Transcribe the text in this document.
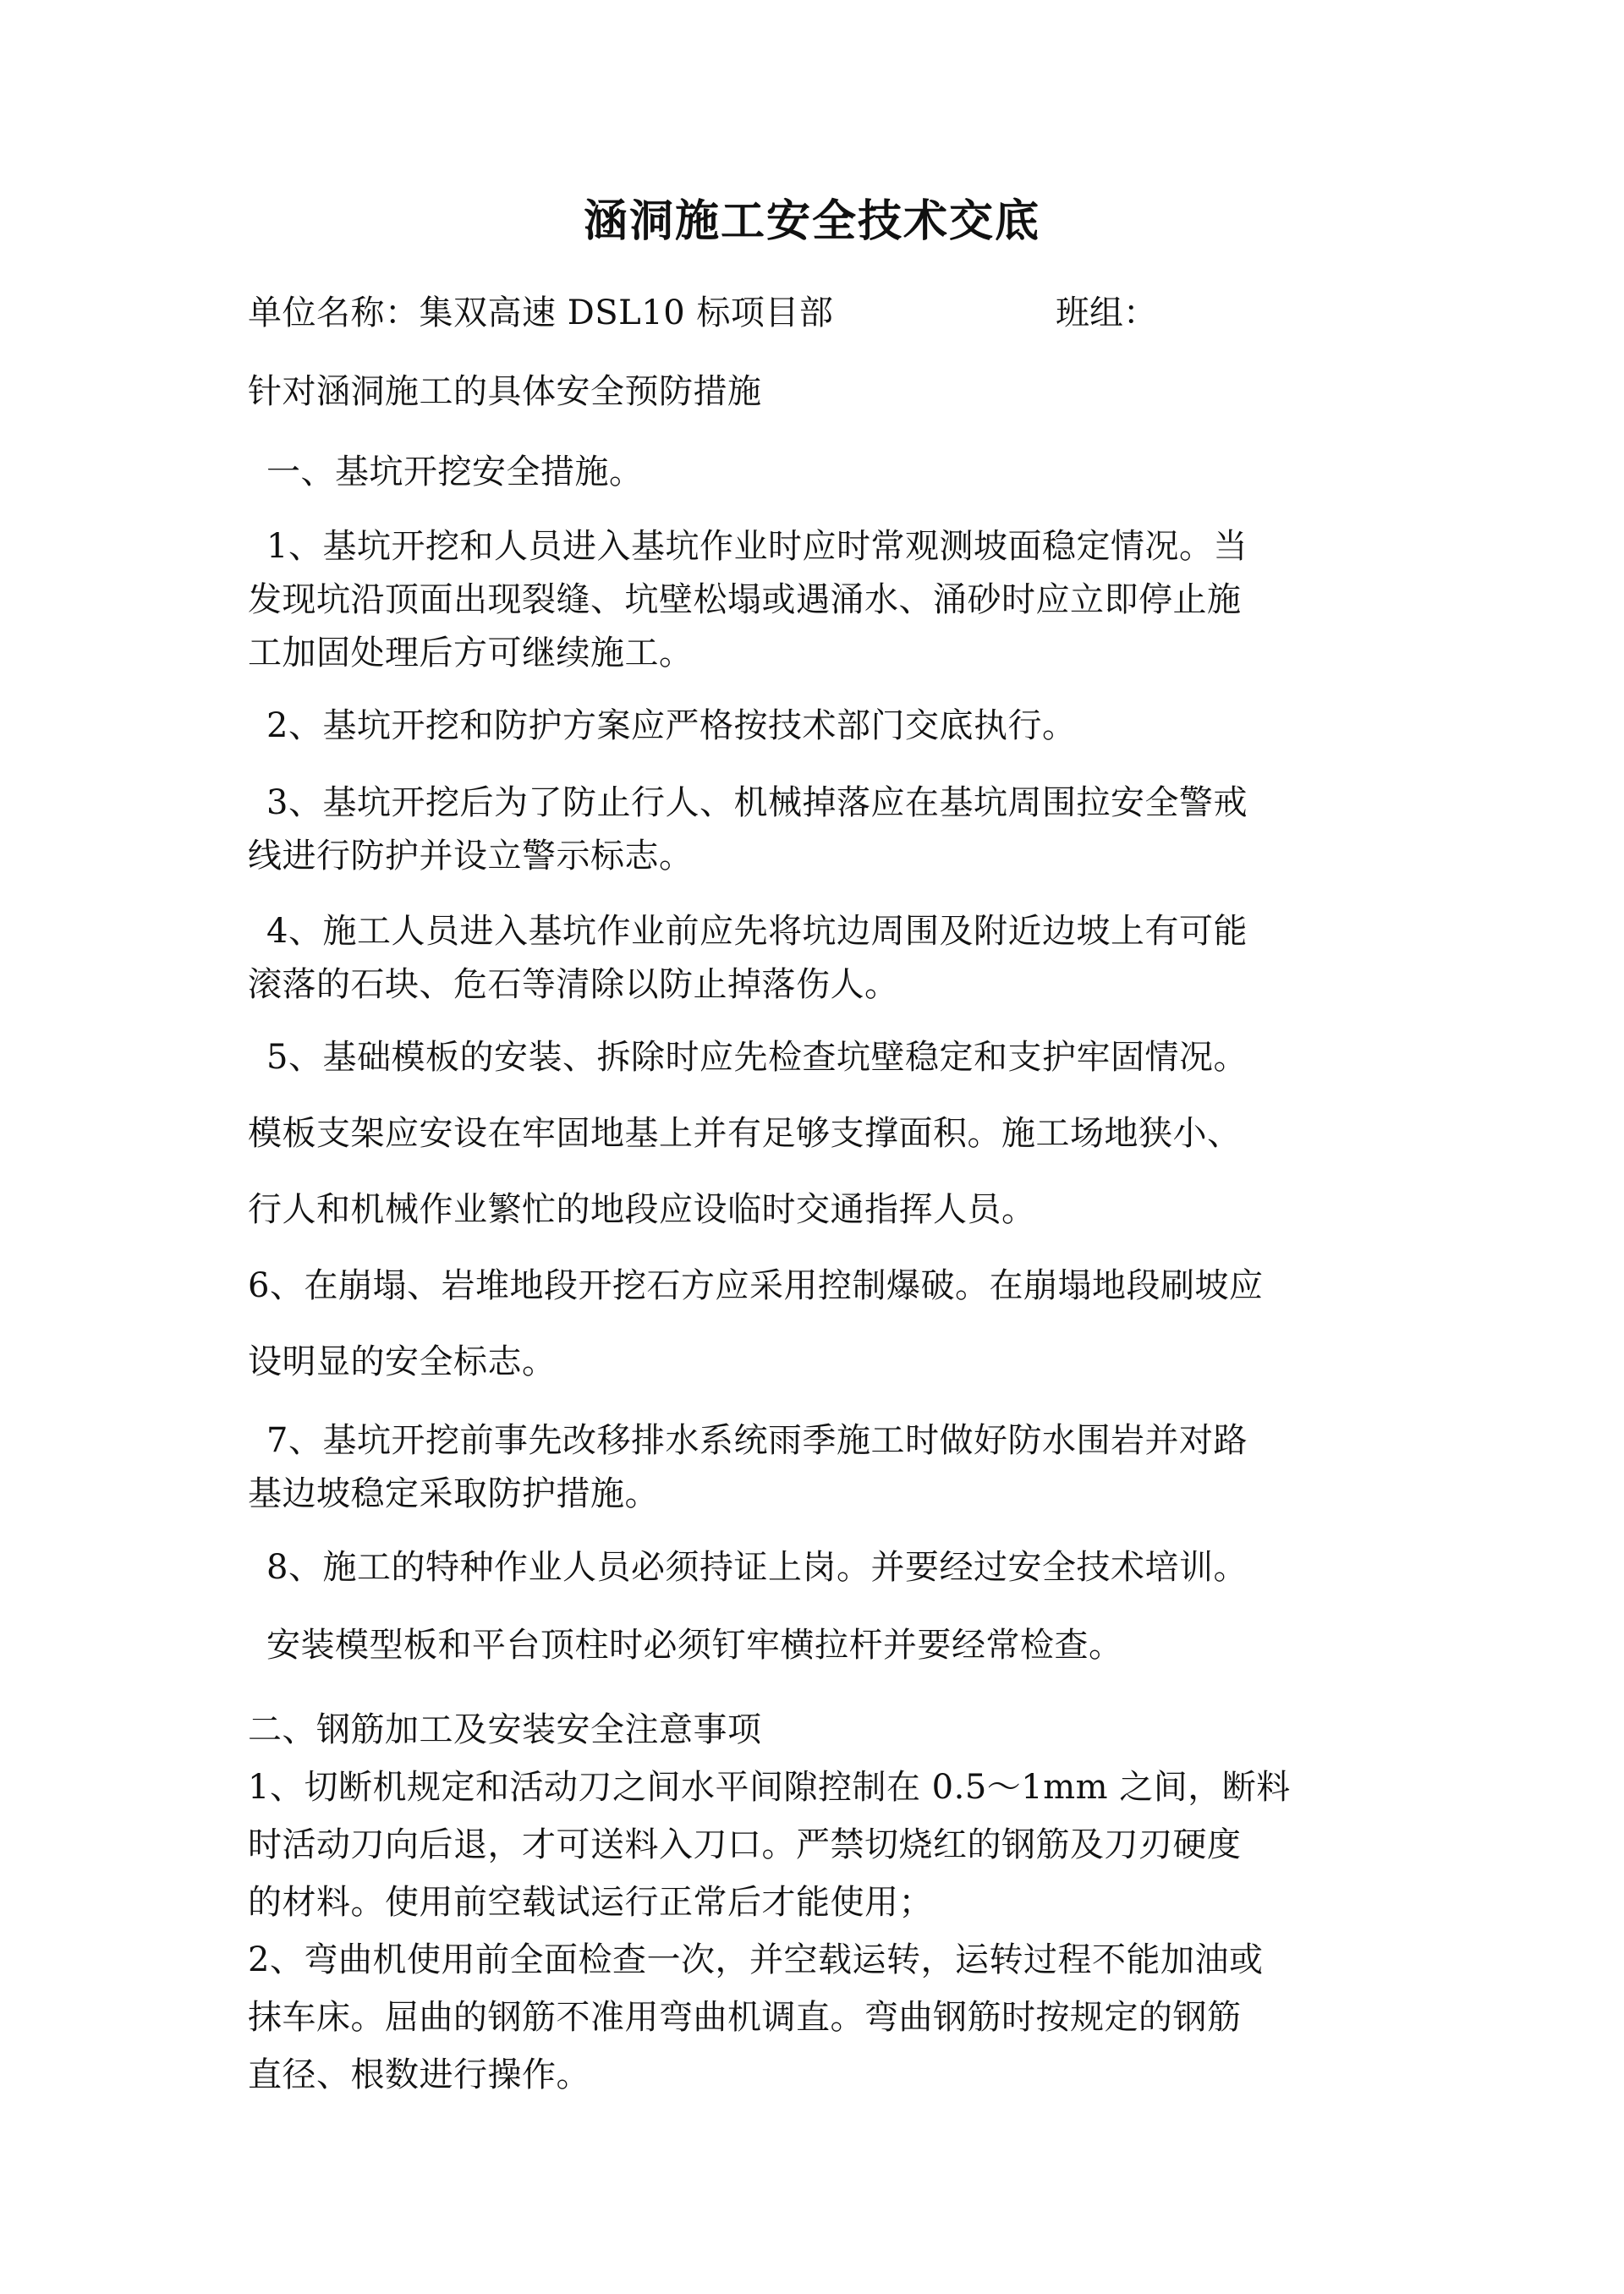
涵洞施工安全技术交底
单位名称：集双高速 DSL10 标项目部	班组：
针对涵洞施工的具体安全预防措施
一、基坑开挖安全措施。
1、基坑开挖和人员进入基坑作业时应时常观测坡面稳定情况。当
发现坑沿顶面出现裂缝、坑壁松塌或遇涌水、涌砂时应立即停止施
工加固处理后方可继续施工。
2、基坑开挖和防护方案应严格按技术部门交底执行。
3、基坑开挖后为了防止行人、机械掉落应在基坑周围拉安全警戒
线进行防护并设立警示标志。
4、施工人员进入基坑作业前应先将坑边周围及附近边坡上有可能
滚落的石块、危石等清除以防止掉落伤人。
5、基础模板的安装、拆除时应先检查坑壁稳定和支护牢固情况。
模板支架应安设在牢固地基上并有足够支撑面积。施工场地狭小、
行人和机械作业繁忙的地段应设临时交通指挥人员。
6、在崩塌、岩堆地段开挖石方应采用控制爆破。在崩塌地段刷坡应
设明显的安全标志。
7、基坑开挖前事先改移排水系统雨季施工时做好防水围岩并对路
基边坡稳定采取防护措施。
8、施工的特种作业人员必须持证上岗。并要经过安全技术培训。
安装模型板和平台顶柱时必须钉牢横拉杆并要经常检查。
二、钢筋加工及安装安全注意事项
1、切断机规定和活动刀之间水平间隙控制在 0.5～1mm 之间，断料
时活动刀向后退，才可送料入刀口。严禁切烧红的钢筋及刀刃硬度
的材料。使用前空载试运行正常后才能使用；
2、弯曲机使用前全面检查一次，并空载运转，运转过程不能加油或
抹车床。屈曲的钢筋不准用弯曲机调直。弯曲钢筋时按规定的钢筋
直径、根数进行操作。
